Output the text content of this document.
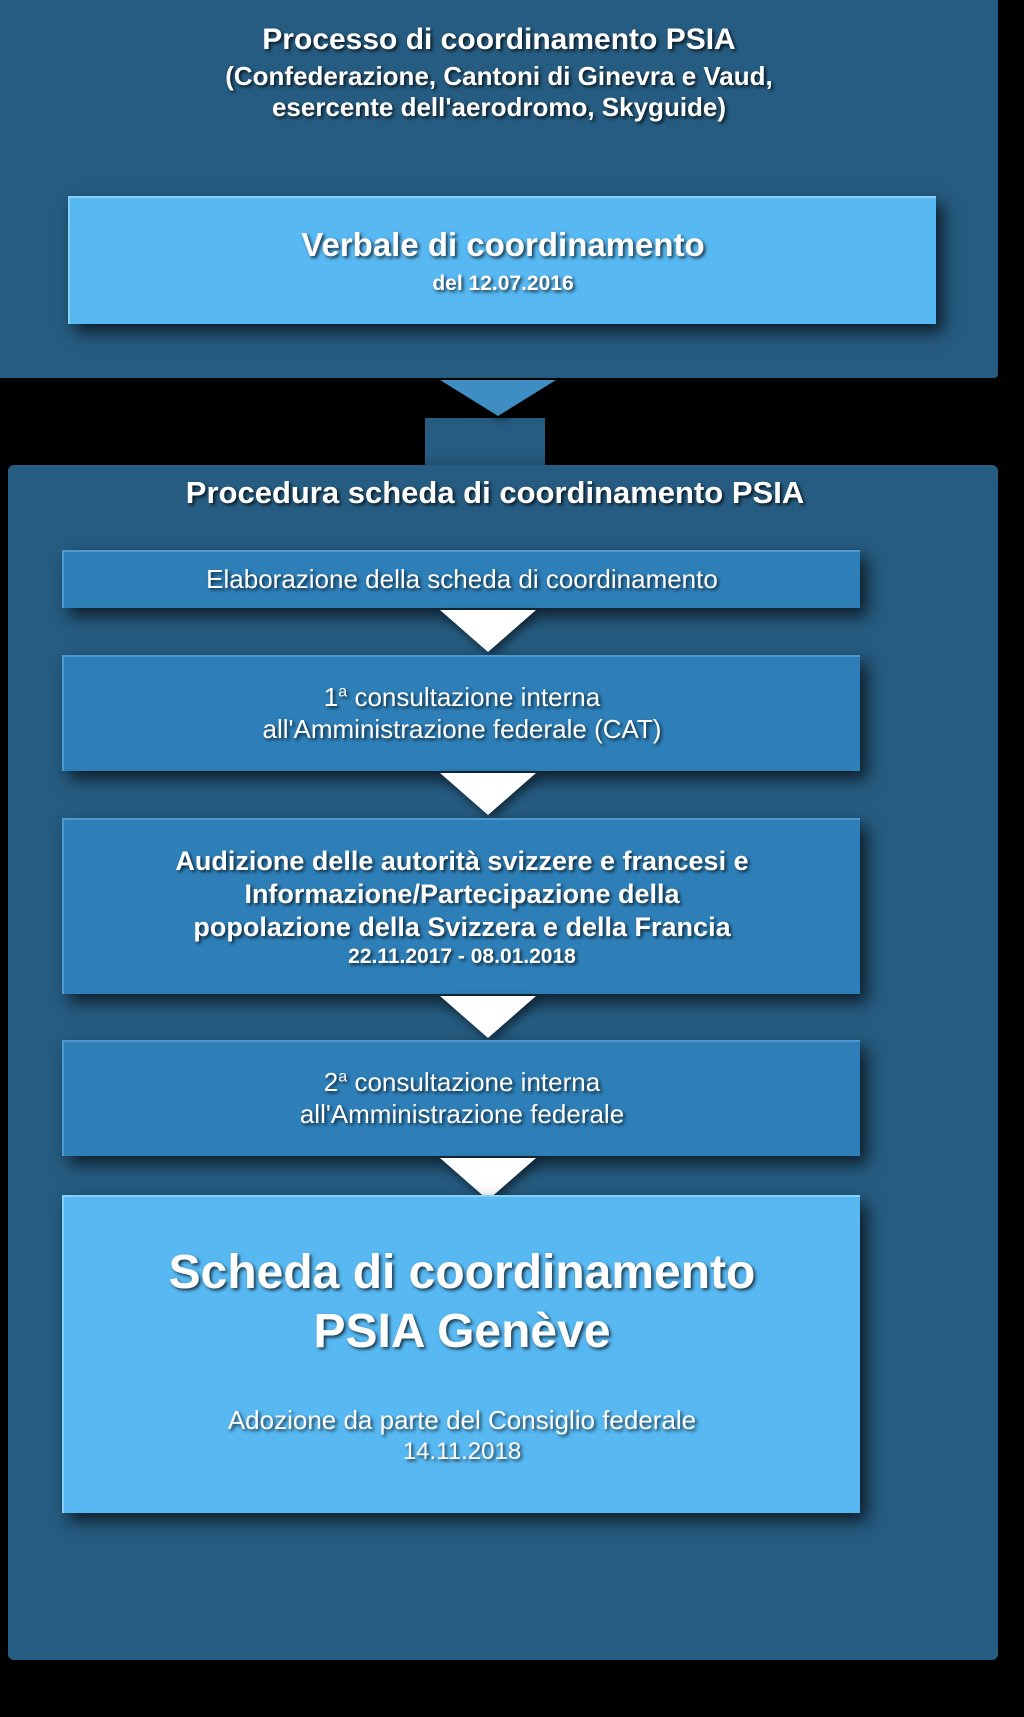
Processo di coordinamento PSIA
(Confederazione, Cantoni di Ginevra e Vaud,
esercente dell'aerodromo, Skyguide)
Verbale di coordinamento
del 12.07.2016
Procedura scheda di coordinamento PSIA
Elaborazione della scheda di coordinamento
1$^a$ consultazione interna
all'Amministrazione federale (CAT)
Audizione delle autorità svizzere e francesi e
Informazione/Partecipazione della
popolazione della Svizzera e della Francia
22.11.2017 - 08.01.2018
2$^a$ consultazione interna
all'Amministrazione federale
Scheda di coordinamento
PSIA Genève
Adozione da parte del Consiglio federale
14.11.2018
